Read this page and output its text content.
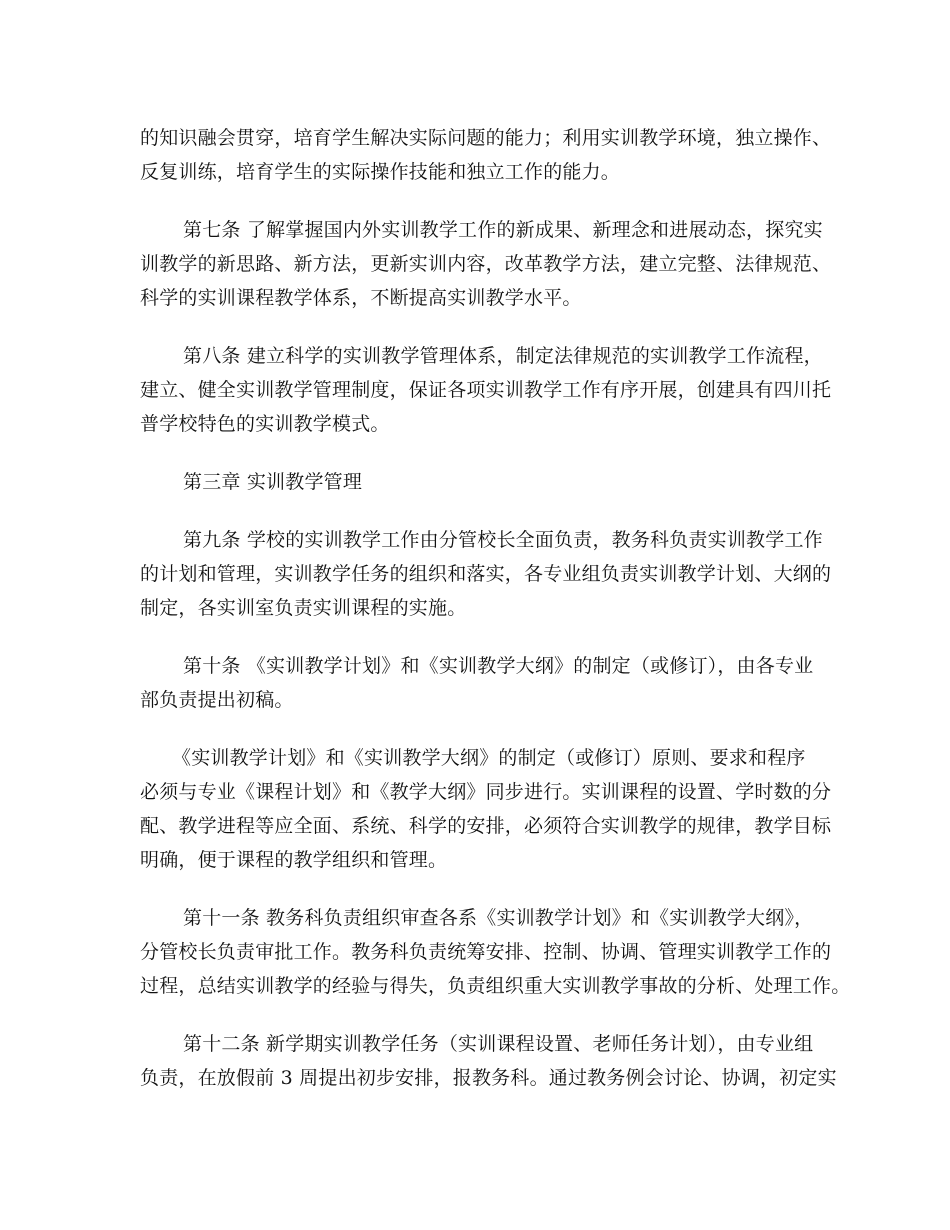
的知识融会贯穿，培育学生解决实际问题的能力；利用实训教学环境，独立操作、
反复训练，培育学生的实际操作技能和独立工作的能力。
第七条 了解掌握国内外实训教学工作的新成果、新理念和进展动态，探究实
训教学的新思路、新方法，更新实训内容，改革教学方法，建立完整、法律规范、
科学的实训课程教学体系，不断提高实训教学水平。
第八条 建立科学的实训教学管理体系，制定法律规范的实训教学工作流程，
建立、健全实训教学管理制度，保证各项实训教学工作有序开展，创建具有四川托
普学校特色的实训教学模式。
第三章 实训教学管理
第九条 学校的实训教学工作由分管校长全面负责，教务科负责实训教学工作
的计划和管理，实训教学任务的组织和落实，各专业组负责实训教学计划、大纲的
制定，各实训室负责实训课程的实施。
第十条 《实训教学计划》和《实训教学大纲》的制定（或修订），由各专业
部负责提出初稿。
《实训教学计划》和《实训教学大纲》的制定（或修订）原则、要求和程序
必须与专业《课程计划》和《教学大纲》同步进行。实训课程的设置、学时数的分
配、教学进程等应全面、系统、科学的安排，必须符合实训教学的规律，教学目标
明确，便于课程的教学组织和管理。
第十一条 教务科负责组织审查各系《实训教学计划》和《实训教学大纲》，
分管校长负责审批工作。教务科负责统筹安排、控制、协调、管理实训教学工作的
过程，总结实训教学的经验与得失，负责组织重大实训教学事故的分析、处理工作。
第十二条 新学期实训教学任务（实训课程设置、老师任务计划），由专业组
负责，在放假前 3 周提出初步安排，报教务科。通过教务例会讨论、协调，初定实
